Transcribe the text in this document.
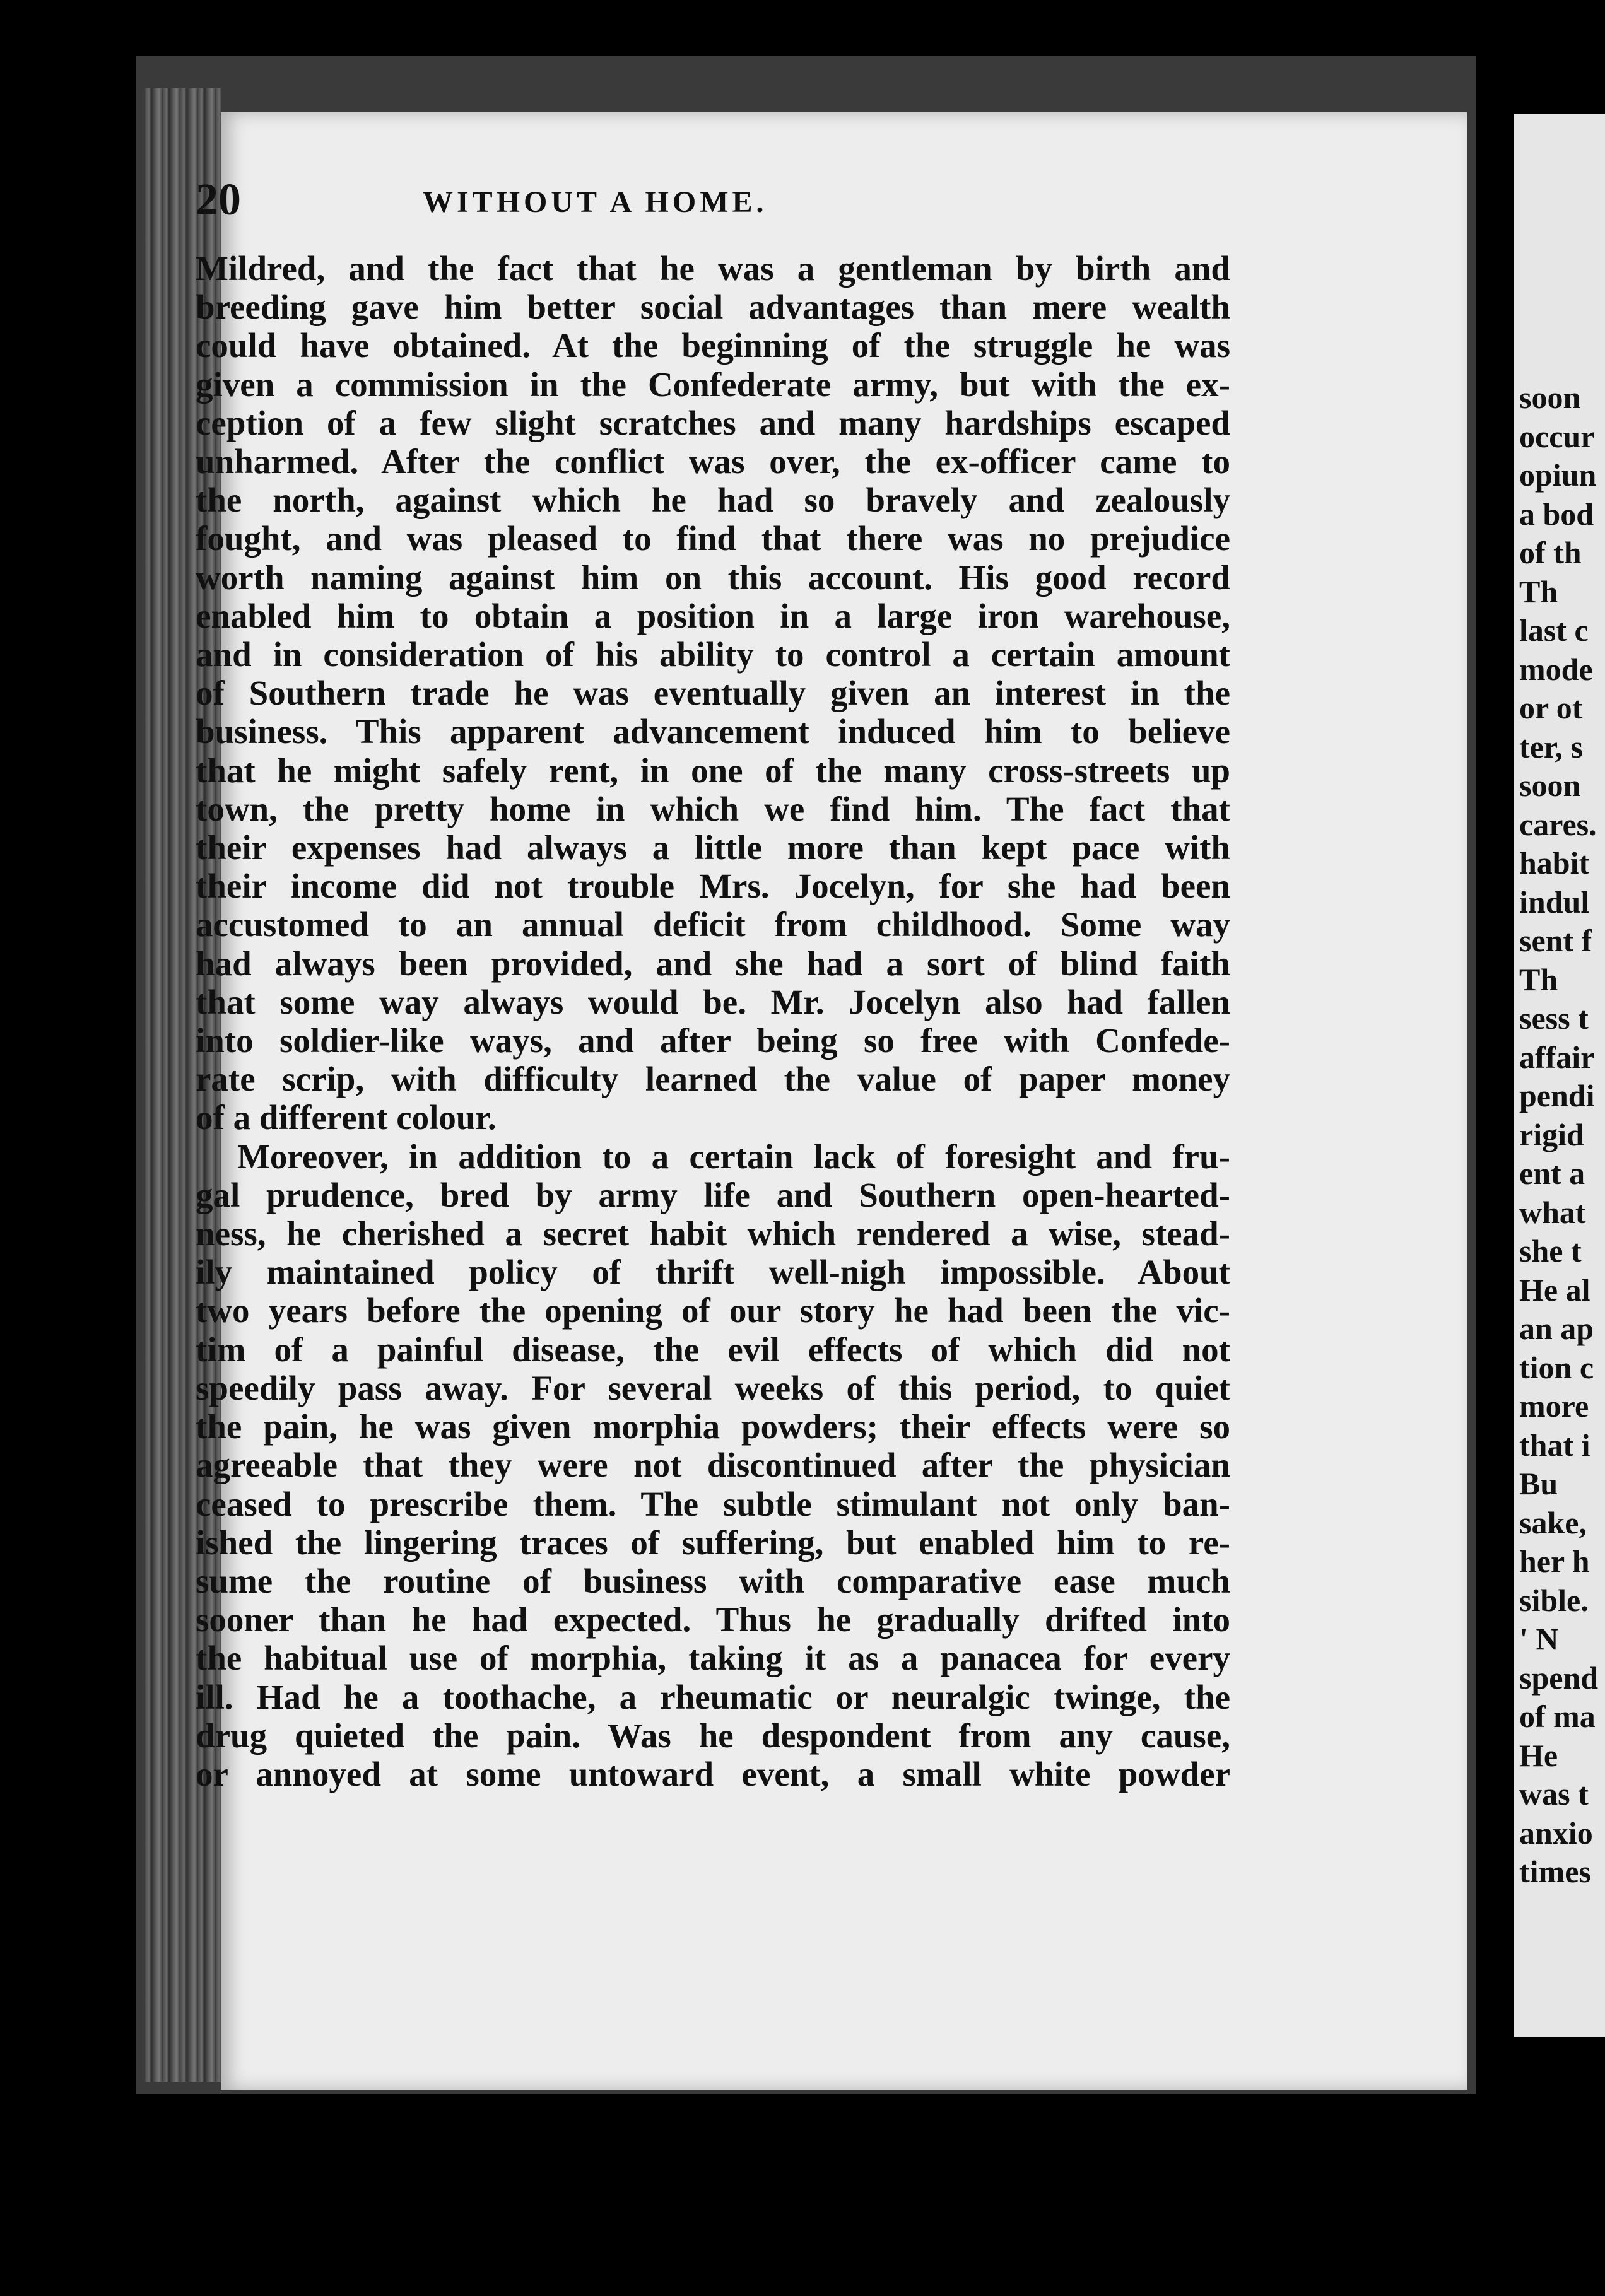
20	WITHOUT A HOME.
Mildred, and the fact that he was a gentleman by birth and
breeding gave him better social advantages than mere wealth
could have obtained. At the beginning of the struggle he was
given a commission in the Confederate army, but with the ex-
ception of a few slight scratches and many hardships escaped
unharmed. After the conflict was over, the ex-officer came to
the north, against which he had so bravely and zealously
fought, and was pleased to find that there was no prejudice
worth naming against him on this account. His good record
enabled him to obtain a position in a large iron warehouse,
and in consideration of his ability to control a certain amount
of Southern trade he was eventually given an interest in the
business. This apparent advancement induced him to believe
that he might safely rent, in one of the many cross-streets up
town, the pretty home in which we find him. The fact that
their expenses had always a little more than kept pace with
their income did not trouble Mrs. Jocelyn, for she had been
accustomed to an annual deficit from childhood. Some way
had always been provided, and she had a sort of blind faith
that some way always would be. Mr. Jocelyn also had fallen
into soldier-like ways, and after being so free with Confede-
rate scrip, with difficulty learned the value of paper money
of a different colour.
Moreover, in addition to a certain lack of foresight and fru-
gal prudence, bred by army life and Southern open-hearted-
ness, he cherished a secret habit which rendered a wise, stead-
ily maintained policy of thrift well-nigh impossible. About
two years before the opening of our story he had been the vic-
tim of a painful disease, the evil effects of which did not
speedily pass away. For several weeks of this period, to quiet
the pain, he was given morphia powders; their effects were so
agreeable that they were not discontinued after the physician
ceased to prescribe them. The subtle stimulant not only ban-
ished the lingering traces of suffering, but enabled him to re-
sume the routine of business with comparative ease much
sooner than he had expected. Thus he gradually drifted into
the habitual use of morphia, taking it as a panacea for every
ill. Had he a toothache, a rheumatic or neuralgic twinge, the
drug quieted the pain. Was he despondent from any cause,
or annoyed at some untoward event, a small white powder
soon
occur
opiun
a bod
of th
Th
last c
mode
or ot
ter, s
soon
cares.
habit
indul
sent f
Th
sess t
affair
pendi
rigid
ent a
what
she t
He al
an ap
tion c
more
that i
Bu
sake,
her h
sible.
' N
spend
of ma
He
was t
anxio
times
